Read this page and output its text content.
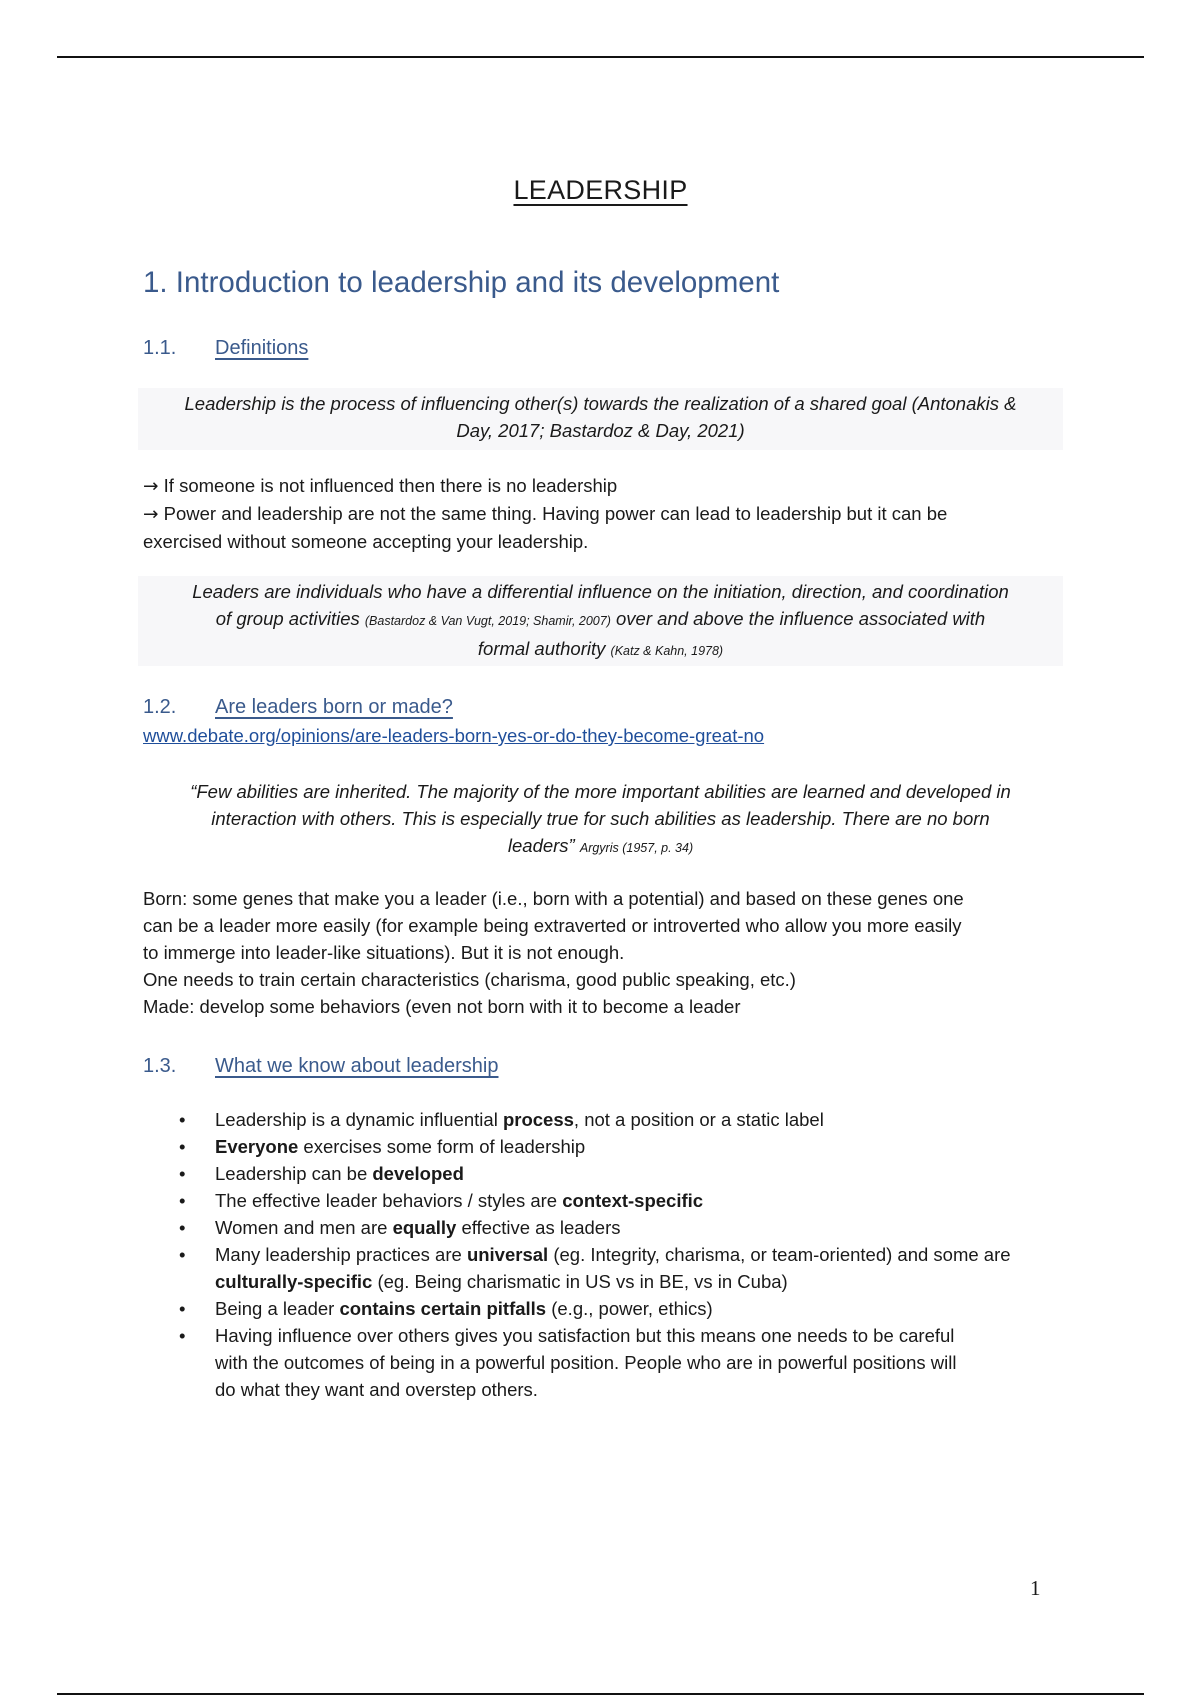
LEADERSHIP
1. Introduction to leadership and its development
1.1.	Definitions
Leadership is the process of influencing other(s) towards the realization of a shared goal (Antonakis &
Day, 2017; Bastardoz & Day, 2021)
→ If someone is not influenced then there is no leadership
→ Power and leadership are not the same thing. Having power can lead to leadership but it can be
exercised without someone accepting your leadership.
Leaders are individuals who have a differential influence on the initiation, direction, and coordination
of group activities (Bastardoz & Van Vugt, 2019; Shamir, 2007) over and above the influence associated with
formal authority (Katz & Kahn, 1978)
1.2.	Are leaders born or made?
www.debate.org/opinions/are-leaders-born-yes-or-do-they-become-great-no
“Few abilities are inherited. The majority of the more important abilities are learned and developed in
interaction with others. This is especially true for such abilities as leadership. There are no born
leaders” Argyris (1957, p. 34)
Born: some genes that make you a leader (i.e., born with a potential) and based on these genes one
can be a leader more easily (for example being extraverted or introverted who allow you more easily
to immerge into leader-like situations). But it is not enough.
One needs to train certain characteristics (charisma, good public speaking, etc.)
Made: develop some behaviors (even not born with it to become a leader
1.3.	What we know about leadership
• Leadership is a dynamic influential process, not a position or a static label
• Everyone exercises some form of leadership
• Leadership can be developed
• The effective leader behaviors / styles are context-specific
• Women and men are equally effective as leaders
• Many leadership practices are universal (eg. Integrity, charisma, or team-oriented) and some are
culturally-specific (eg. Being charismatic in US vs in BE, vs in Cuba)
• Being a leader contains certain pitfalls (e.g., power, ethics)
• Having influence over others gives you satisfaction but this means one needs to be careful
with the outcomes of being in a powerful position. People who are in powerful positions will
do what they want and overstep others.
1
